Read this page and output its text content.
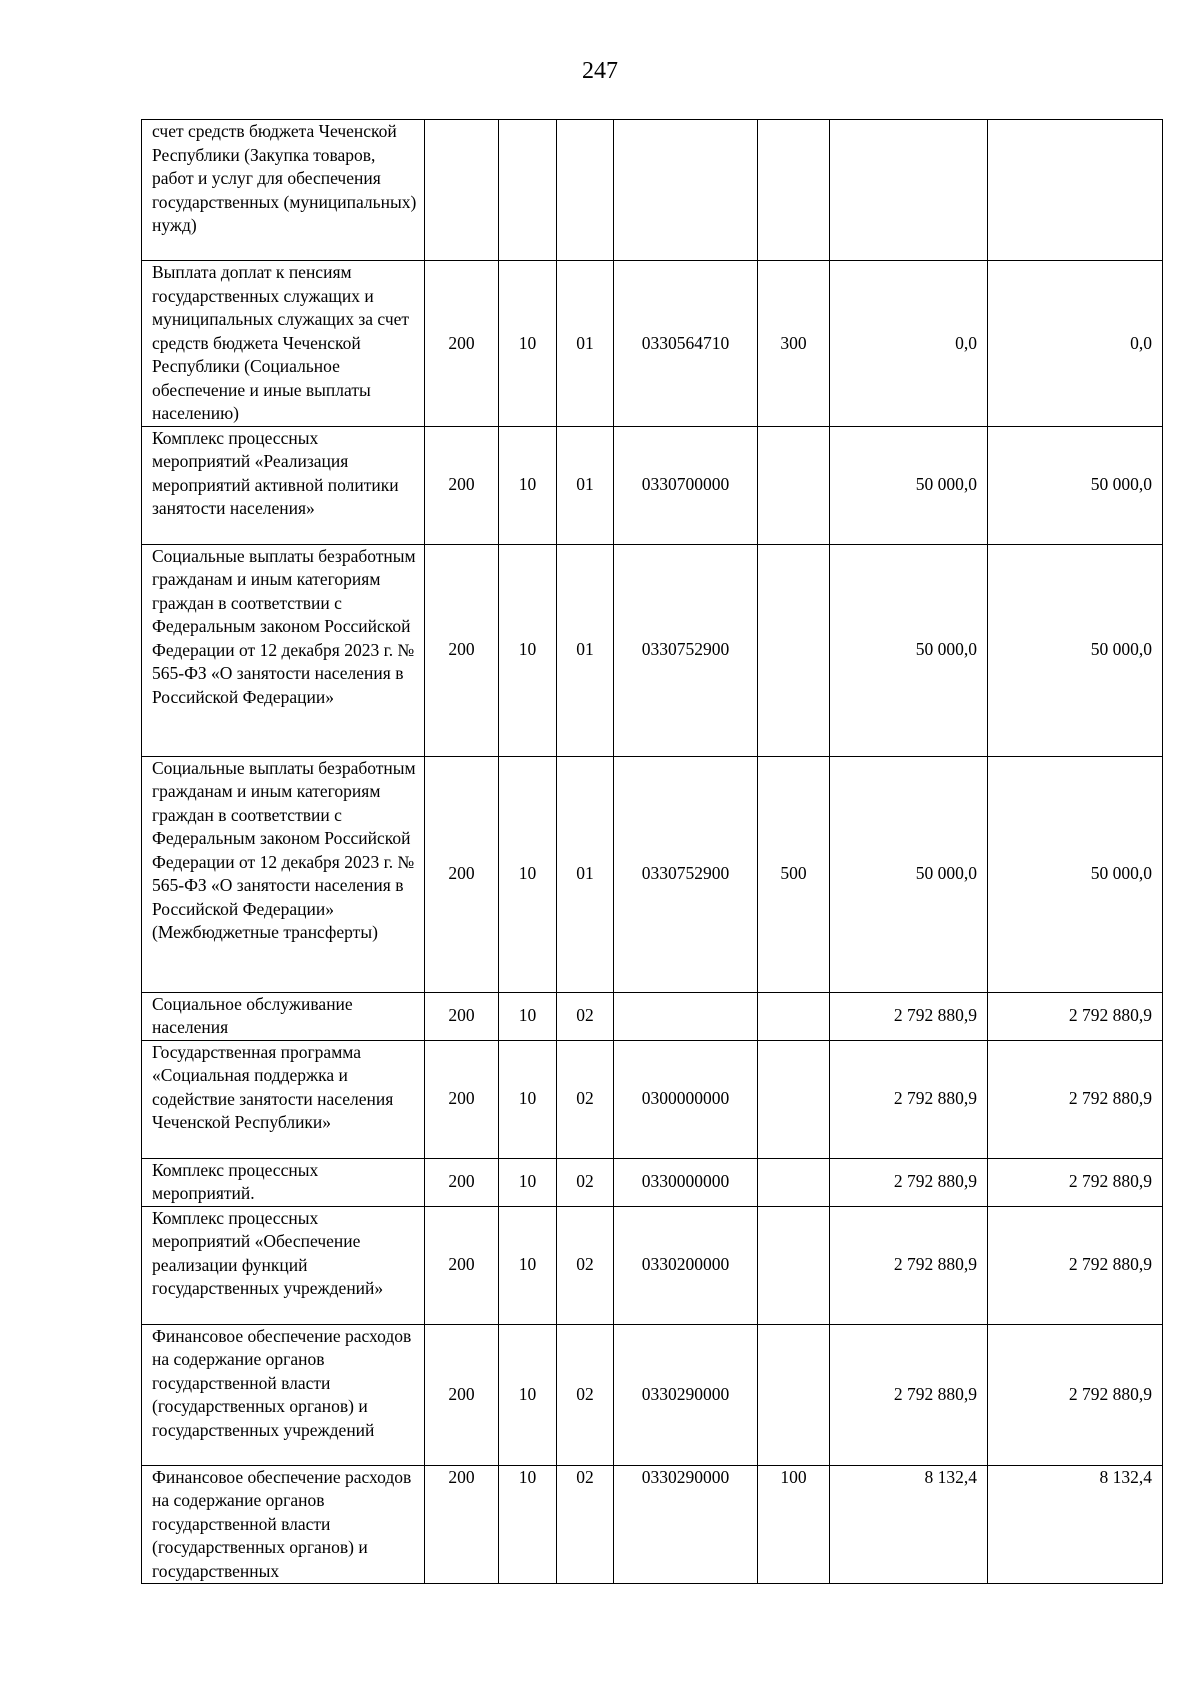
247
счет средств бюджета Чеченской Республики (Закупка товаров, работ и услуг для обеспечения государственных (муниципальных) нужд)							
Выплата доплат к пенсиям государственных служащих и муниципальных служащих за счет средств бюджета Чеченской Республики (Социальное обеспечение и иные выплаты населению)	200	10	01	0330564710	300	0,0	0,0
Комплекс процессных мероприятий «Реализация мероприятий активной политики занятости населения»	200	10	01	0330700000		50 000,0	50 000,0
Социальные выплаты безработным гражданам и иным категориям граждан в соответствии с Федеральным законом Российской Федерации от 12 декабря 2023 г. № 565-ФЗ «О занятости населения в Российской Федерации»	200	10	01	0330752900		50 000,0	50 000,0
Социальные выплаты безработным гражданам и иным категориям граждан в соответствии с Федеральным законом Российской Федерации от 12 декабря 2023 г. № 565-ФЗ «О занятости населения в Российской Федерации» (Межбюджетные трансферты)	200	10	01	0330752900	500	50 000,0	50 000,0
Социальное обслуживание населения	200	10	02			2 792 880,9	2 792 880,9
Государственная программа «Социальная поддержка и содействие занятости населения Чеченской Республики»	200	10	02	0300000000		2 792 880,9	2 792 880,9
Комплекс процессных мероприятий.	200	10	02	0330000000		2 792 880,9	2 792 880,9
Комплекс процессных мероприятий «Обеспечение реализации функций государственных учреждений»	200	10	02	0330200000		2 792 880,9	2 792 880,9
Финансовое обеспечение расходов на содержание органов государственной власти (государственных органов) и государственных учреждений	200	10	02	0330290000		2 792 880,9	2 792 880,9
Финансовое обеспечение расходов на содержание органов государственной власти (государственных органов) и государственных	200	10	02	0330290000	100	8 132,4	8 132,4
